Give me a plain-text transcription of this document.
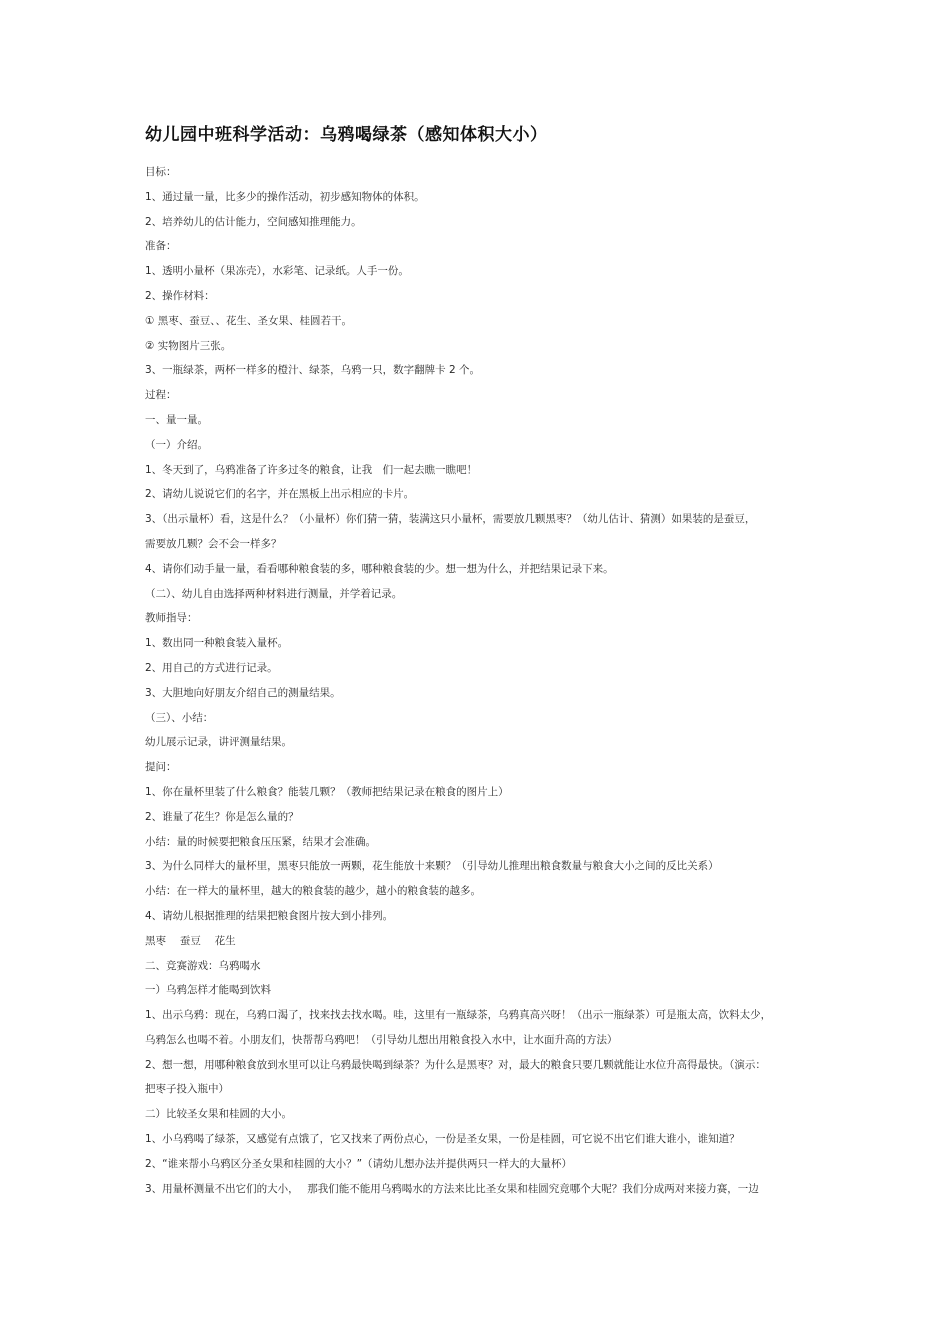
幼儿园中班科学活动：乌鸦喝绿茶（感知体积大小）
目标：
1、通过量一量，比多少的操作活动，初步感知物体的体积。
2、培养幼儿的估计能力，空间感知推理能力。
准备：
1、透明小量杯（果冻壳），水彩笔、记录纸。人手一份。
2、操作材料：
① 黑枣、蚕豆、、花生、圣女果、桂圆若干。
② 实物图片三张。
3、一瓶绿茶，两杯一样多的橙汁、绿茶，乌鸦一只，数字翻牌卡 2 个。
过程：
一、量一量。
（一）介绍。
1、冬天到了，乌鸦准备了许多过冬的粮食，让我　们一起去瞧一瞧吧！
2、请幼儿说说它们的名字，并在黑板上出示相应的卡片。
3、（出示量杯）看，这是什么？（小量杯）你们猜一猜，装满这只小量杯，需要放几颗黑枣？（幼儿估计、猜测）如果装的是蚕豆，
需要放几颗？会不会一样多？
4、请你们动手量一量，看看哪种粮食装的多，哪种粮食装的少。想一想为什么，并把结果记录下来。
（二）、幼儿自由选择两种材料进行测量，并学着记录。
教师指导：
1、数出同一种粮食装入量杯。
2、用自己的方式进行记录。
3、大胆地向好朋友介绍自己的测量结果。
（三）、小结：
幼儿展示记录，讲评测量结果。
提问：
1、你在量杯里装了什么粮食？能装几颗？（教师把结果记录在粮食的图片上）
2、谁量了花生？你是怎么量的？
小结：量的时候要把粮食压压紧，结果才会准确。
3、为什么同样大的量杯里，黑枣只能放一两颗，花生能放十来颗？（引导幼儿推理出粮食数量与粮食大小之间的反比关系）
小结：在一样大的量杯里，越大的粮食装的越少，越小的粮食装的越多。
4、请幼儿根据推理的结果把粮食图片按大到小排列。
黑枣　 蚕豆　 花生
二、竞赛游戏：乌鸦喝水
一）乌鸦怎样才能喝到饮料
1、出示乌鸦：现在，乌鸦口渴了，找来找去找水喝。哇，这里有一瓶绿茶，乌鸦真高兴呀！（出示一瓶绿茶）可是瓶太高，饮料太少，
乌鸦怎么也喝不着。小朋友们，快帮帮乌鸦吧！（引导幼儿想出用粮食投入水中，让水面升高的方法）
2、想一想，用哪种粮食放到水里可以让乌鸦最快喝到绿茶？为什么是黑枣？对，最大的粮食只要几颗就能让水位升高得最快。（演示：
把枣子投入瓶中）
二）比较圣女果和桂圆的大小。
1、小乌鸦喝了绿茶，又感觉有点饿了，它又找来了两份点心，一份是圣女果，一份是桂圆，可它说不出它们谁大谁小，谁知道？
2、“谁来帮小乌鸦区分圣女果和桂圆的大小？”（请幼儿想办法并提供两只一样大的大量杯）
3、用量杯测量不出它们的大小，　 那我们能不能用乌鸦喝水的方法来比比圣女果和桂圆究竟哪个大呢？我们分成两对来接力赛，一边
